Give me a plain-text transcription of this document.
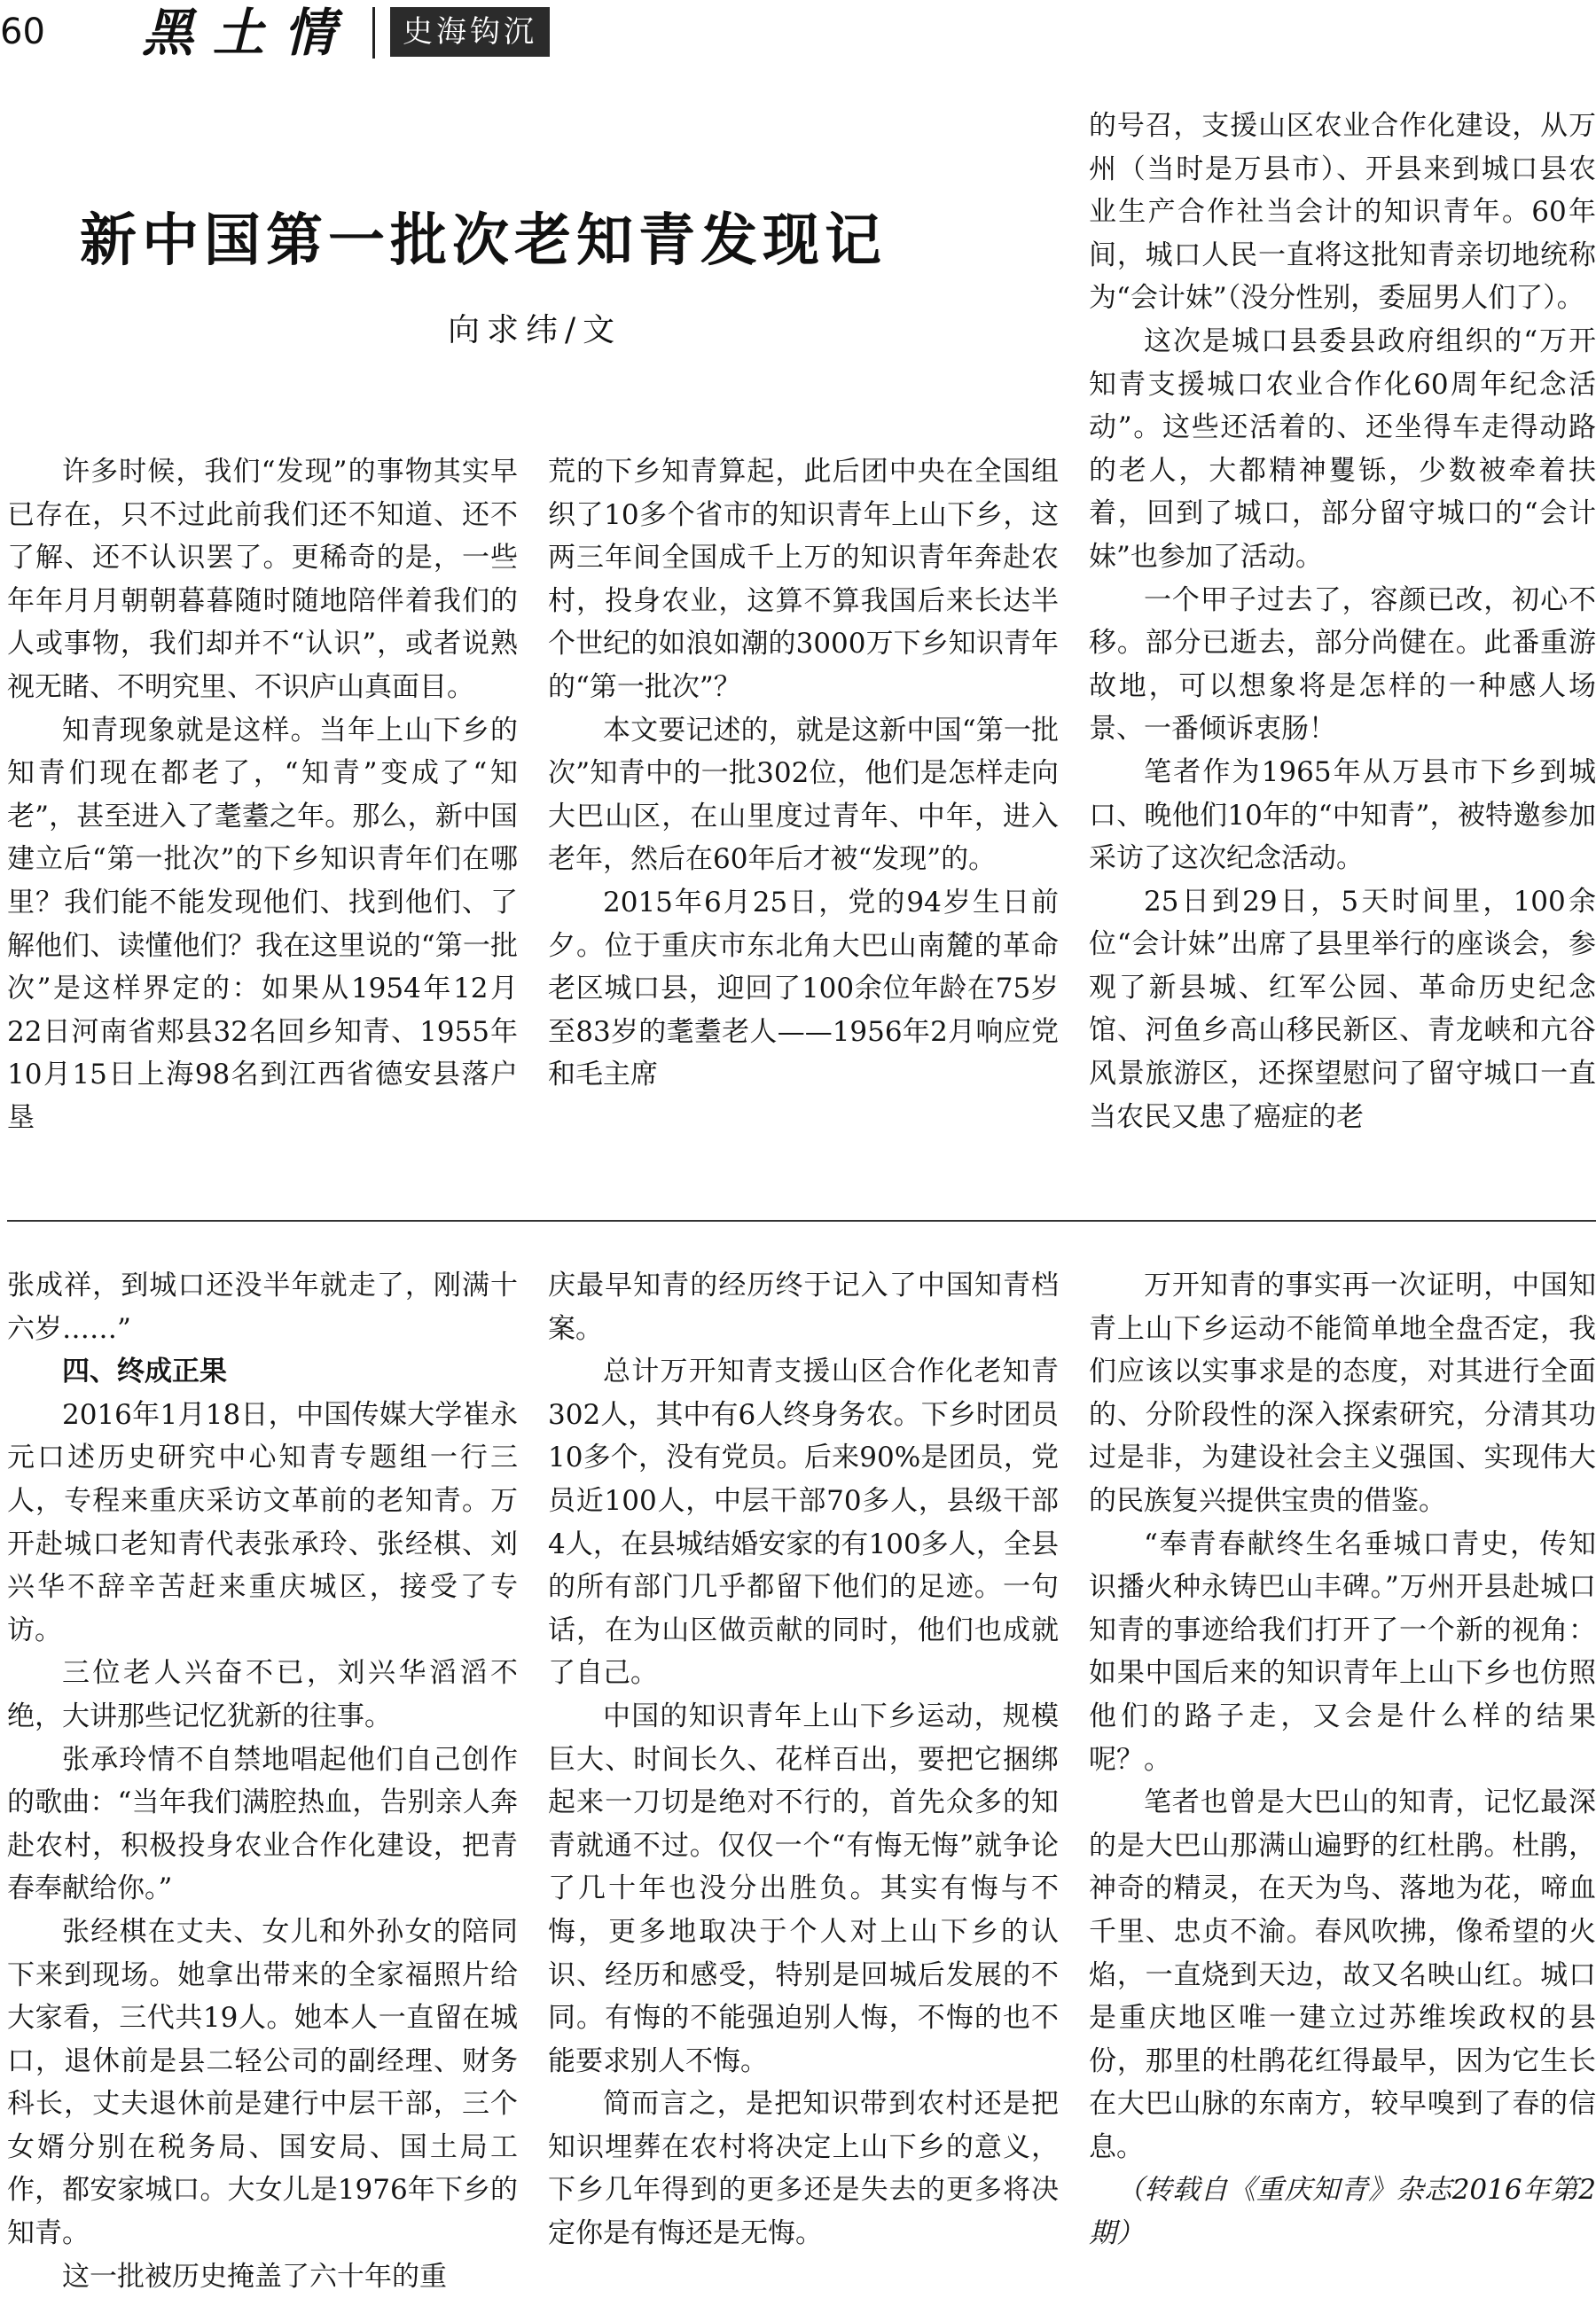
60 黑土情	史海钩沉
新中国第一批次老知青发现记
向求纬/文

许多时候，我们“发现”的事物其实早已存在，只不过此前我们还不知道、还不了解、还不认识罢了。更稀奇的是，一些年年月月朝朝暮暮随时随地陪伴着我们的人或事物，我们却并不“认识”，或者说熟视无睹、不明究里、不识庐山真面目。

知青现象就是这样。当年上山下乡的知青们现在都老了，“知青”变成了“知老”，甚至进入了耄耋之年。那么，新中国建立后“第一批次”的下乡知识青年们在哪里？我们能不能发现他们、找到他们、了解他们、读懂他们？我在这里说的“第一批次”是这样界定的：如果从1954年12月22日河南省郏县32名回乡知青、1955年10月15日上海98名到江西省德安县落户垦

荒的下乡知青算起，此后团中央在全国组织了10多个省市的知识青年上山下乡，这两三年间全国成千上万的知识青年奔赴农村，投身农业，这算不算我国后来长达半个世纪的如浪如潮的3000万下乡知识青年的“第一批次”？

本文要记述的，就是这新中国“第一批次”知青中的一批302位，他们是怎样走向大巴山区，在山里度过青年、中年，进入老年，然后在60年后才被“发现”的。

2015年6月25日，党的94岁生日前夕。位于重庆市东北角大巴山南麓的革命老区城口县，迎回了100余位年龄在75岁至83岁的耄耋老人——1956年2月响应党和毛主席

的号召，支援山区农业合作化建设，从万州（当时是万县市）、开县来到城口县农业生产合作社当会计的知识青年。60年间，城口人民一直将这批知青亲切地统称为“会计妹”（没分性别，委屈男人们了）。

这次是城口县委县政府组织的“万开知青支援城口农业合作化60周年纪念活动”。这些还活着的、还坐得车走得动路的老人，大都精神矍铄，少数被牵着扶着，回到了城口，部分留守城口的“会计妹”也参加了活动。

一个甲子过去了，容颜已改，初心不移。部分已逝去，部分尚健在。此番重游故地，可以想象将是怎样的一种感人场景、一番倾诉衷肠！

笔者作为1965年从万县市下乡到城口、晚他们10年的“中知青”，被特邀参加采访了这次纪念活动。

25日到29日，5天时间里，100余位“会计妹”出席了县里举行的座谈会，参观了新县城、红军公园、革命历史纪念馆、河鱼乡高山移民新区、青龙峡和亢谷风景旅游区，还探望慰问了留守城口一直当农民又患了癌症的老

张成祥，到城口还没半年就走了，刚满十六岁……”

四、终成正果

2016年1月18日，中国传媒大学崔永元口述历史研究中心知青专题组一行三人，专程来重庆采访文革前的老知青。万开赴城口老知青代表张承玲、张经棋、刘兴华不辞辛苦赶来重庆城区，接受了专访。

三位老人兴奋不已，刘兴华滔滔不绝，大讲那些记忆犹新的往事。

张承玲情不自禁地唱起他们自己创作的歌曲：“当年我们满腔热血，告别亲人奔赴农村，积极投身农业合作化建设，把青春奉献给你。”

张经棋在丈夫、女儿和外孙女的陪同下来到现场。她拿出带来的全家福照片给大家看，三代共19人。她本人一直留在城口，退休前是县二轻公司的副经理、财务科长，丈夫退休前是建行中层干部，三个女婿分别在税务局、国安局、国土局工作，都安家城口。大女儿是1976年下乡的知青。

这一批被历史掩盖了六十年的重

庆最早知青的经历终于记入了中国知青档案。

总计万开知青支援山区合作化老知青302人，其中有6人终身务农。下乡时团员10多个，没有党员。后来90%是团员，党员近100人，中层干部70多人，县级干部4人，在县城结婚安家的有100多人，全县的所有部门几乎都留下他们的足迹。一句话，在为山区做贡献的同时，他们也成就了自己。

中国的知识青年上山下乡运动，规模巨大、时间长久、花样百出，要把它捆绑起来一刀切是绝对不行的，首先众多的知青就通不过。仅仅一个“有悔无悔”就争论了几十年也没分出胜负。其实有悔与不悔，更多地取决于个人对上山下乡的认识、经历和感受，特别是回城后发展的不同。有悔的不能强迫别人悔，不悔的也不能要求别人不悔。

简而言之，是把知识带到农村还是把知识埋葬在农村将决定上山下乡的意义，下乡几年得到的更多还是失去的更多将决定你是有悔还是无悔。

万开知青的事实再一次证明，中国知青上山下乡运动不能简单地全盘否定，我们应该以实事求是的态度，对其进行全面的、分阶段性的深入探索研究，分清其功过是非，为建设社会主义强国、实现伟大的民族复兴提供宝贵的借鉴。

“奉青春献终生名垂城口青史，传知识播火种永铸巴山丰碑。”万州开县赴城口知青的事迹给我们打开了一个新的视角：如果中国后来的知识青年上山下乡也仿照他们的路子走，又会是什么样的结果呢？。

笔者也曾是大巴山的知青，记忆最深的是大巴山那满山遍野的红杜鹃。杜鹃，神奇的精灵，在天为鸟、落地为花，啼血千里、忠贞不渝。春风吹拂，像希望的火焰，一直烧到天边，故又名映山红。城口是重庆地区唯一建立过苏维埃政权的县份，那里的杜鹃花红得最早，因为它生长在大巴山脉的东南方，较早嗅到了春的信息。

（转载自《重庆知青》杂志2016年第2期）
